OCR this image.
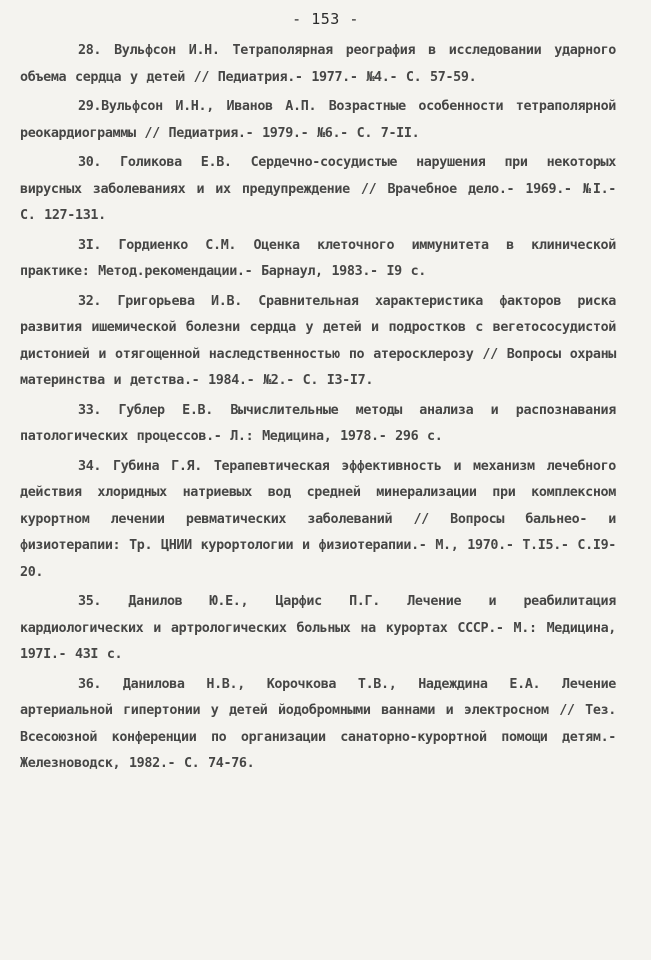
- 153 -

28. Вульфсон И.Н. Тетраполярная реография в исследовании ударного объема сердца у детей // Педиатрия.- 1977.- №4.- С. 57-59.

29.Вульфсон И.Н., Иванов А.П. Возрастные особенности тетраполярной реокардиограммы // Педиатрия.- 1979.- №6.- С. 7-II.

30. Голикова Е.В. Сердечно-сосудистые нарушения при некоторых вирусных заболеваниях и их предупреждение // Врачебное дело.- 1969.- №I.- С. 127-131.

3I. Гордиенко С.М. Оценка клеточного иммунитета в клинической практике: Метод.рекомендации.- Барнаул, 1983.- I9 с.

32. Григорьева И.В. Сравнительная характеристика факторов риска развития ишемической болезни сердца у детей и подростков с вегетососудистой дистонией и отягощенной наследственностью по атеросклерозу // Вопросы охраны материнства и детства.- 1984.- №2.- С. I3-I7.

33. Гублер Е.В. Вычислительные методы анализа и распознавания патологических процессов.- Л.: Медицина, 1978.- 296 с.

34. Губина Г.Я. Терапевтическая эффективность и механизм лечебного действия хлоридных натриевых вод средней минерализации при комплексном курортном лечении ревматических заболеваний // Вопросы бальнео- и физиотерапии: Тр. ЦНИИ курортологии и физиотерапии.- М., 1970.- Т.I5.- С.I9-20.

35. Данилов Ю.Е., Царфис П.Г. Лечение и реабилитация кардиологических и артрологических больных на курортах СССР.- М.: Медицина, 197I.- 43I с.

36. Данилова Н.В., Корочкова Т.В., Надеждина Е.А. Лечение артериальной гипертонии у детей йодобромными ваннами и электросном // Тез. Всесоюзной конференции по организации санаторно-курортной помощи детям.- Железноводск, 1982.- С. 74-76.
